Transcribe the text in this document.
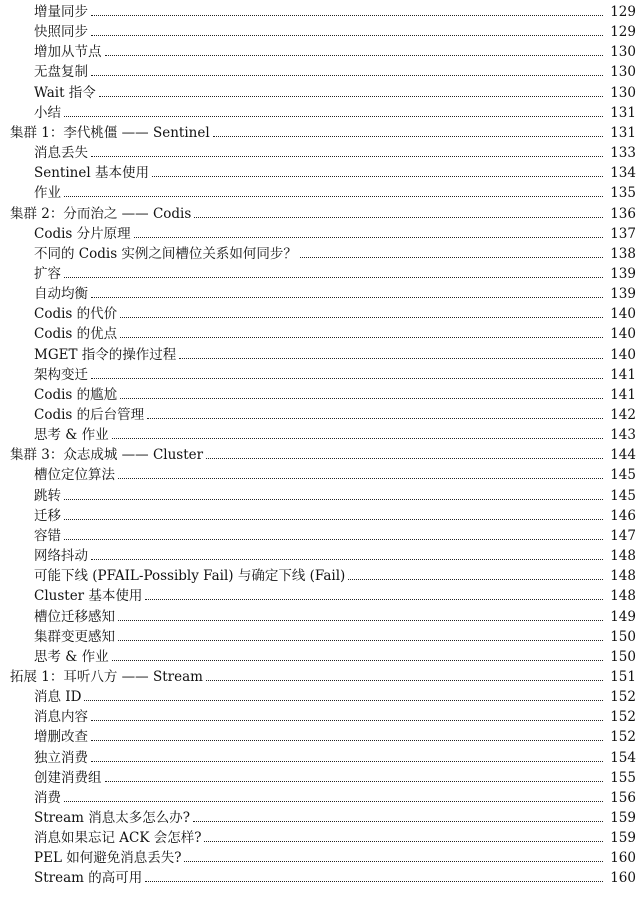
增量同步	129
快照同步	129
增加从节点	130
无盘复制	130
Wait 指令	130
小结	131
集群 1：李代桃僵 —— Sentinel	131
消息丢失	133
Sentinel 基本使用	134
作业	135
集群 2：分而治之 —— Codis	136
Codis 分片原理	137
不同的 Codis 实例之间槽位关系如何同步？	138
扩容	139
自动均衡	139
Codis 的代价	140
Codis 的优点	140
MGET 指令的操作过程	140
架构变迁	141
Codis 的尴尬	141
Codis 的后台管理	142
思考 & 作业	143
集群 3：众志成城 —— Cluster	144
槽位定位算法	145
跳转	145
迁移	146
容错	147
网络抖动	148
可能下线 (PFAIL-Possibly Fail) 与确定下线 (Fail)	148
Cluster 基本使用	148
槽位迁移感知	149
集群变更感知	150
思考 & 作业	150
拓展 1：耳听八方 —— Stream	151
消息 ID	152
消息内容	152
增删改查	152
独立消费	154
创建消费组	155
消费	156
Stream 消息太多怎么办?	159
消息如果忘记 ACK 会怎样?	159
PEL 如何避免消息丢失?	160
Stream 的高可用	160
